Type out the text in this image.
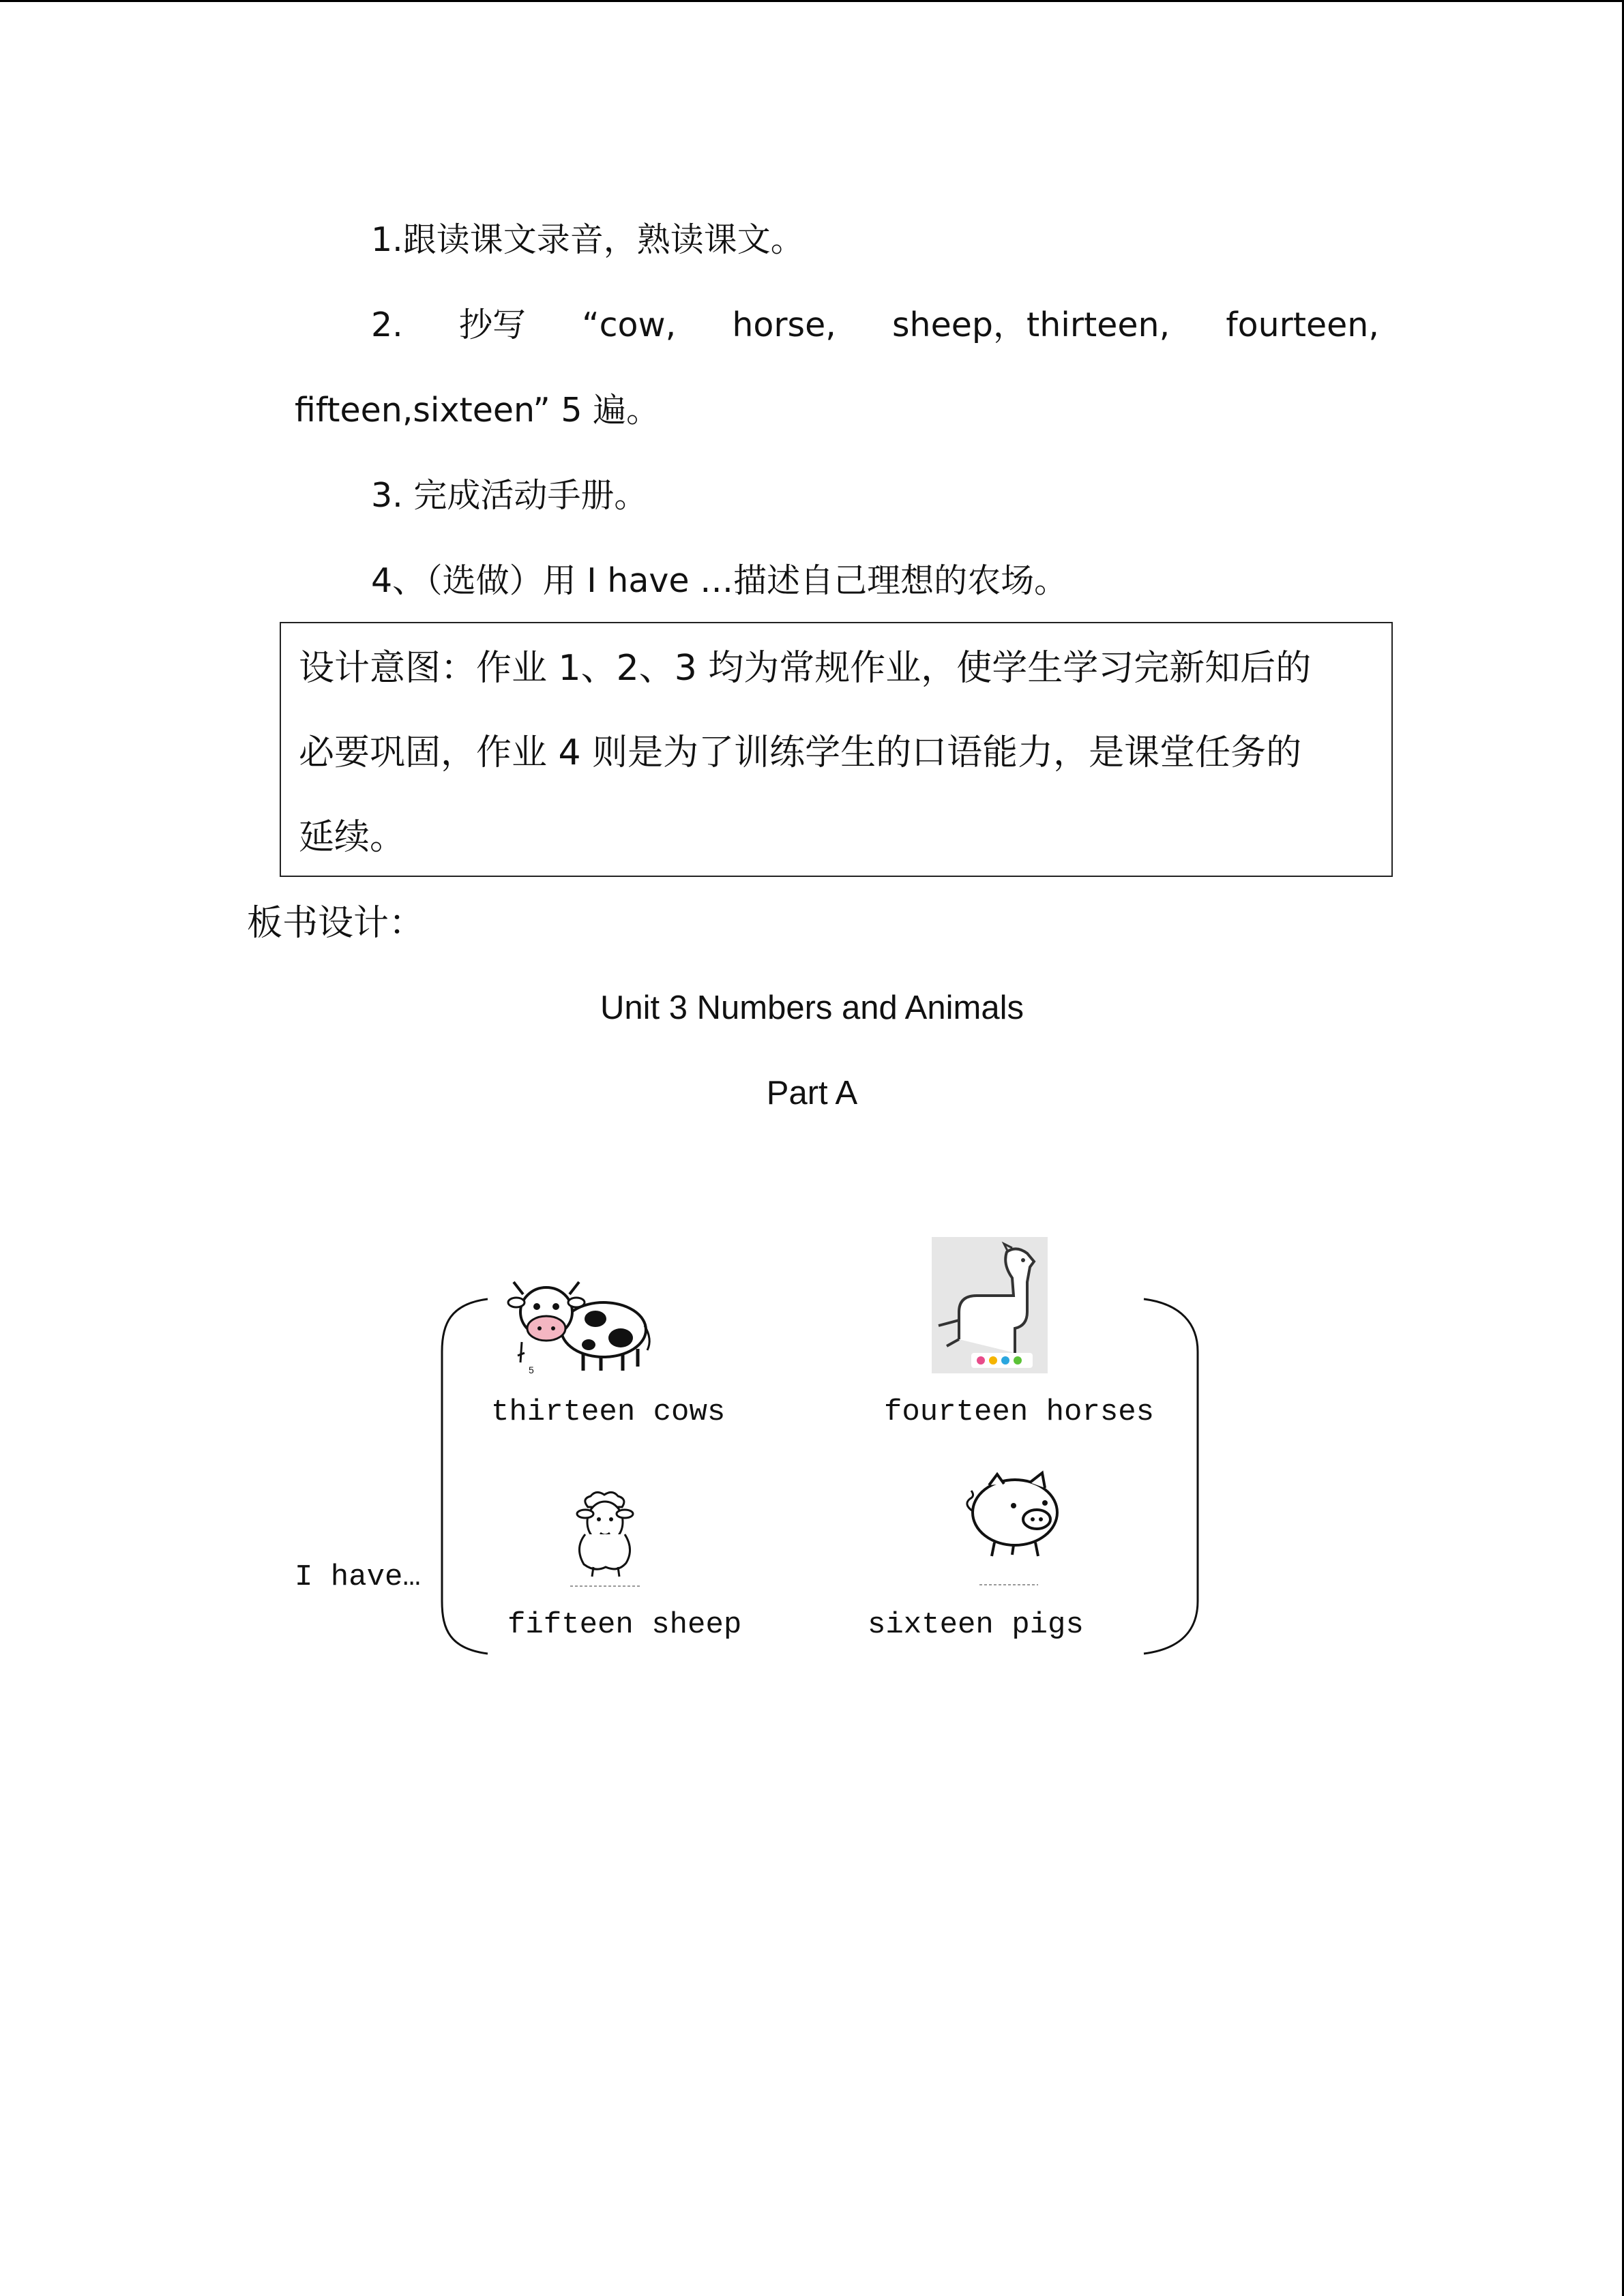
1.跟读课文录音，熟读课文。
2. 抄写 “cow, horse, sheep，thirteen, fourteen,
fifteen,sixteen” 5 遍。
3. 完成活动手册。
4、（选做）用 I have …描述自己理想的农场。
设计意图：作业 1、2、3 均为常规作业，使学生学习完新知后的
必要巩固，作业 4 则是为了训练学生的口语能力，是课堂任务的
延续。
板书设计：
Unit 3 Numbers and Animals
Part A
5
thirteen cows	fourteen horses
I have…
fifteen sheep	sixteen pigs
